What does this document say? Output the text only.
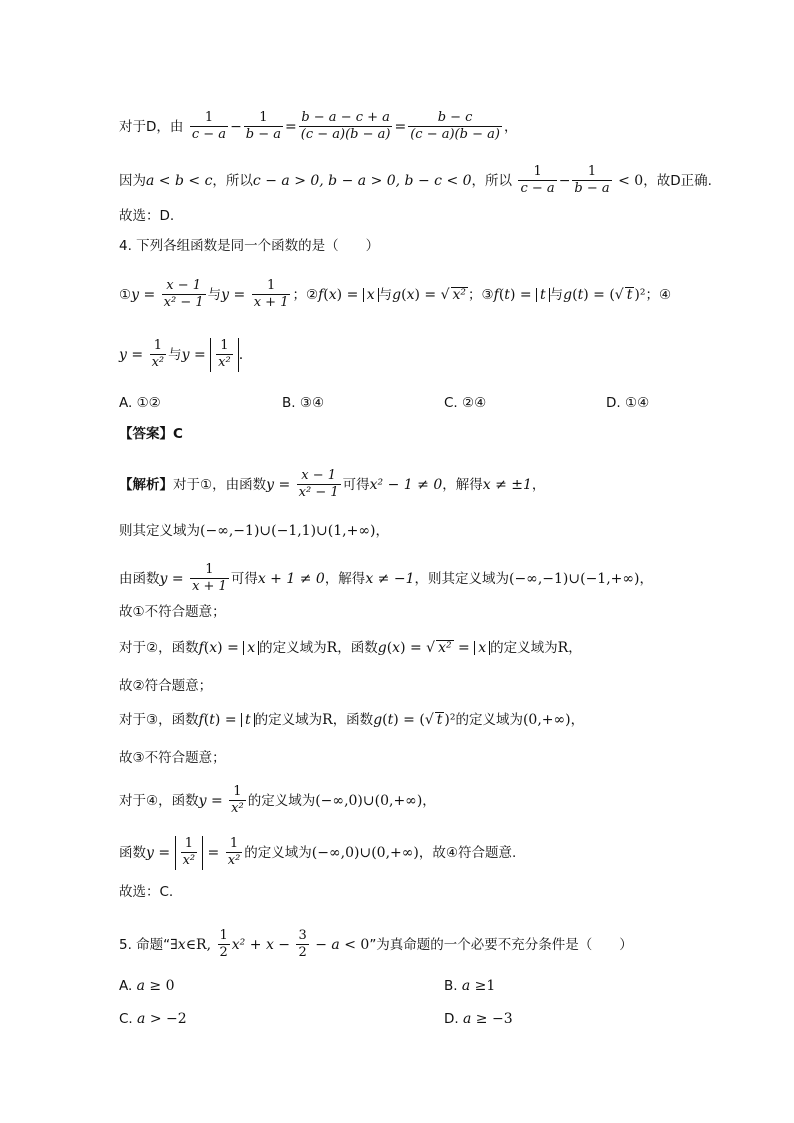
对于D，由 $\frac{1}{c - a} - \frac{1}{b - a} = \frac{b - a - c + a}{(c - a)(b - a)} = \frac{b - c}{(c - a)(b - a)}$ ，
因为a < b < c，所以c − a > 0, b − a > 0, b − c < 0，所以 $\frac{1}{c - a} - \frac{1}{b - a} < 0$，故D正确.
故选：D.
4. 下列各组函数是同一个函数的是（　　）
①y = $\frac{x - 1}{\text{x² − 1}}$ 与$y = \frac{1}{x + 1}$ ；②f(x) = x 与g(x) = √ x² ；③f(t) = t 与g(t) = (√ t )²；④
$y = \frac{1}{\text{x²}}$ 与$y = \frac{1}{\text{x²}}$ .
A. ①②	B. ③④	C. ②④	D. ①④
【答案】C
【解析】对于①，由函数$y = \frac{x - 1}{\text{x² − 1}}$ 可得x² − 1 ≠ 0，解得x ≠ ±1，
则其定义域为(−∞,−1)∪(−1,1)∪(1,+∞)，
由函数$y = \frac{1}{x + 1}$ 可得x + 1 ≠ 0，解得x ≠ −1，则其定义域为(−∞,−1)∪(−1,+∞)，
故①不符合题意；
对于②，函数f(x) = x 的定义域为R，函数g(x) = √ x² = x 的定义域为R，
故②符合题意；
对于③，函数f(t) = t 的定义域为R，函数g(t) = (√ t )²的定义域为(0,+∞)，
故③不符合题意；
对于④，函数$y = \frac{1}{\text{x²}}$ 的定义域为(−∞,0)∪(0,+∞)，
函数$y = \frac{1}{\text{x²}} = \frac{1}{\text{x²}}$ 的定义域为(−∞,0)∪(0,+∞)，故④符合题意.
故选：C.
5. 命题“∃x∈R, $\frac{1}{2} x^2 + x - \frac{3}{2} - a < 0$”为真命题的一个必要不充分条件是（　　）
A. a ≥ 0	B. a ≥1
C. a > −2	D. a ≥ −3
